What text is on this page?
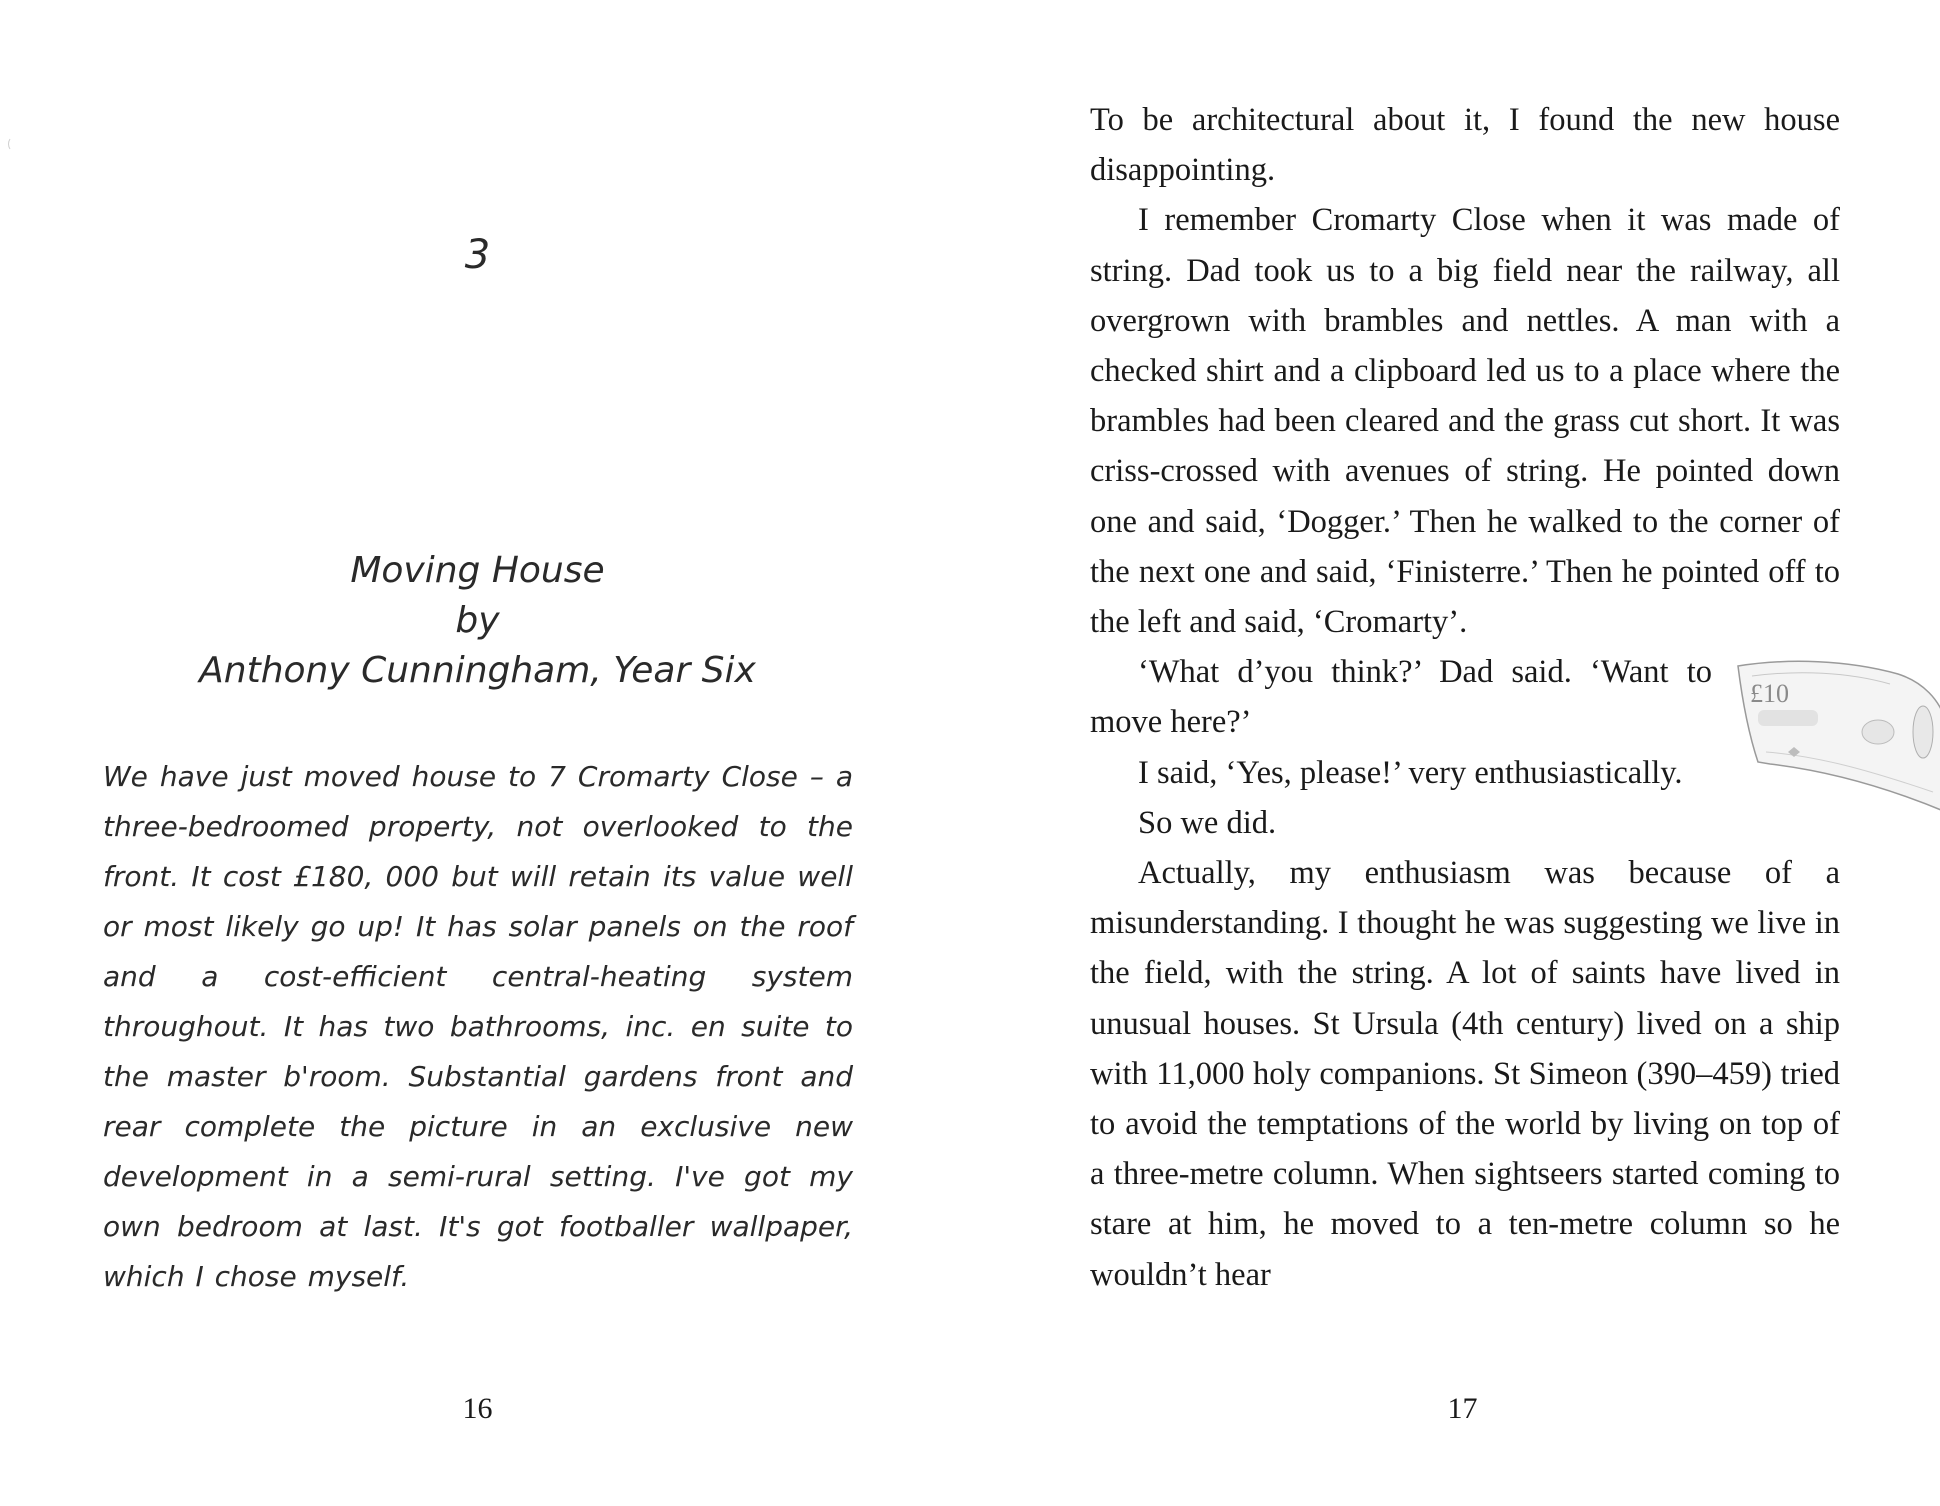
3
Moving House
by
Anthony Cunningham, Year Six
We have just moved house to 7 Cromarty Close – a three-bedroomed property, not overlooked to the front. It cost £180, 000 but will retain its value well or most likely go up! It has solar panels on the roof and a cost-efficient central-heating system throughout. It has two bathrooms, inc. en suite to the master b'room. Substantial gardens front and rear complete the picture in an exclusive new development in a semi-rural setting. I've got my own bedroom at last. It's got footballer wallpaper, which I chose myself.
16

To be architectural about it, I found the new house disappointing.

I remember Cromarty Close when it was made of string. Dad took us to a big field near the railway, all overgrown with brambles and nettles. A man with a checked shirt and a clipboard led us to a place where the brambles had been cleared and the grass cut short. It was criss-crossed with avenues of string. He pointed down one and said, ‘Dogger.’ Then he walked to the corner of the next one and said, ‘Finisterre.’ Then he pointed off to the left and said, ‘Cromarty’.

‘What d’you think?’ Dad said. ‘Want to move here?’

I said, ‘Yes, please!’ very enthusiastically.

So we did.

Actually, my enthusiasm was because of a misunderstanding. I thought he was suggesting we live in the field, with the string. A lot of saints have lived in unusual houses. St Ursula (4th century) lived on a ship with 11,000 holy companions. St Simeon (390–459) tried to avoid the temptations of the world by living on top of a three-metre column. When sightseers started coming to stare at him, he moved to a ten-metre column so he wouldn’t hear

£10
17
